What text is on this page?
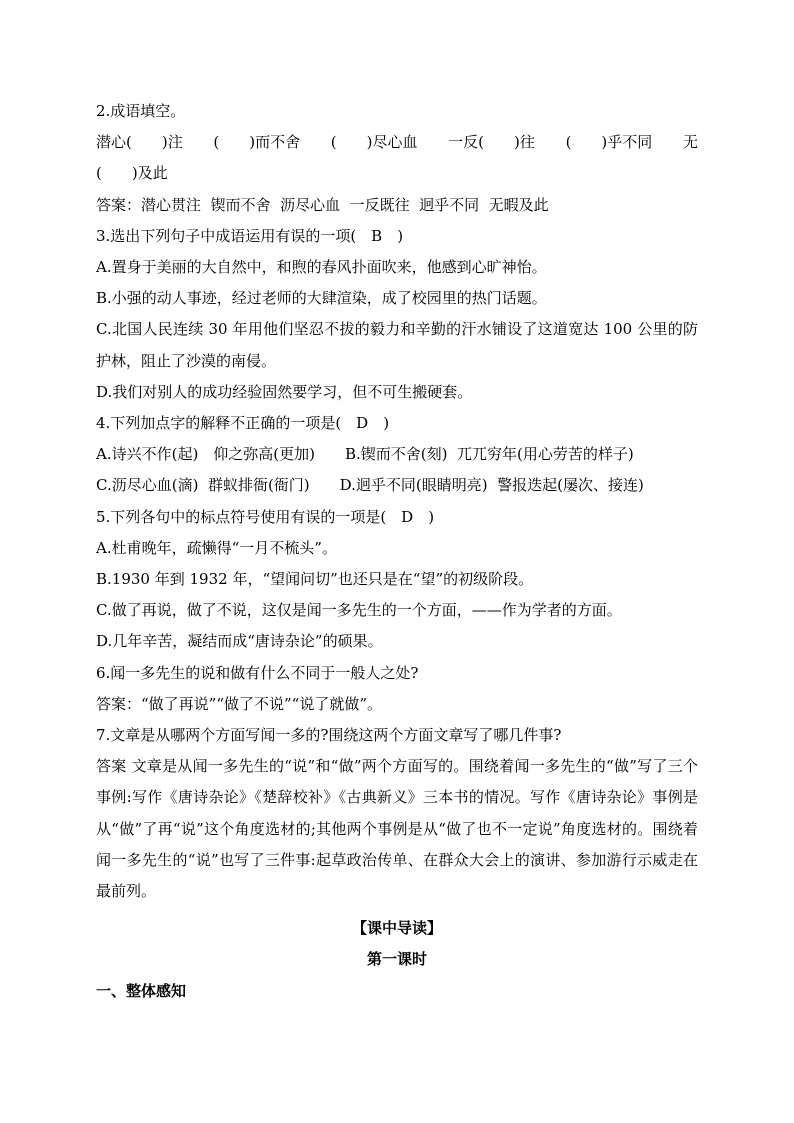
2.成语填空。

潜心(　　)注 (　　)而不舍 (　　)尽心血 一反(　　)往 (　　)乎不同 无

(　　)及此

答案：潜心贯注  锲而不舍  沥尽心血  一反既往  迥乎不同  无暇及此

3.选出下列句子中成语运用有误的一项(　B　)

A.置身于美丽的大自然中，和煦的春风扑面吹来，他感到心旷神怡。

B.小强的动人事迹，经过老师的大肆渲染，成了校园里的热门话题。

C.北国人民连续 30 年用他们坚忍不拔的毅力和辛勤的汗水铺设了这道宽达 100 公里的防护林，阻止了沙漠的南侵。

D.我们对别人的成功经验固然要学习，但不可生搬硬套。

4.下列加点字的解释不正确的一项是(　D　)

A.诗兴不作(起)　仰之弥高(更加)　　B.锲而不舍(刻)  兀兀穷年(用心劳苦的样子)

C.沥尽心血(滴)  群蚁排衙(衙门)　　D.迥乎不同(眼睛明亮)  警报迭起(屡次、接连)

5.下列各句中的标点符号使用有误的一项是(　D　)

A.杜甫晚年，疏懒得“一月不梳头”。

B.1930 年到 1932 年，“望闻问切”也还只是在“望”的初级阶段。

C.做了再说，做了不说，这仅是闻一多先生的一个方面，——作为学者的方面。

D.几年辛苦，凝结而成“唐诗杂论”的硕果。

6.闻一多先生的说和做有什么不同于一般人之处?

答案：“做了再说”“做了不说”“说了就做”。

7.文章是从哪两个方面写闻一多的?围绕这两个方面文章写了哪几件事?

答案 文章是从闻一多先生的“说”和“做”两个方面写的。围绕着闻一多先生的“做”写了三个事例:写作《唐诗杂论》《楚辞校补》《古典新义》三本书的情况。写作《唐诗杂论》事例是从“做”了再“说”这个角度选材的;其他两个事例是从“做了也不一定说”角度选材的。围绕着闻一多先生的“说”也写了三件事:起草政治传单、在群众大会上的演讲、参加游行示威走在最前列。

【课中导读】

第一课时

一、整体感知
